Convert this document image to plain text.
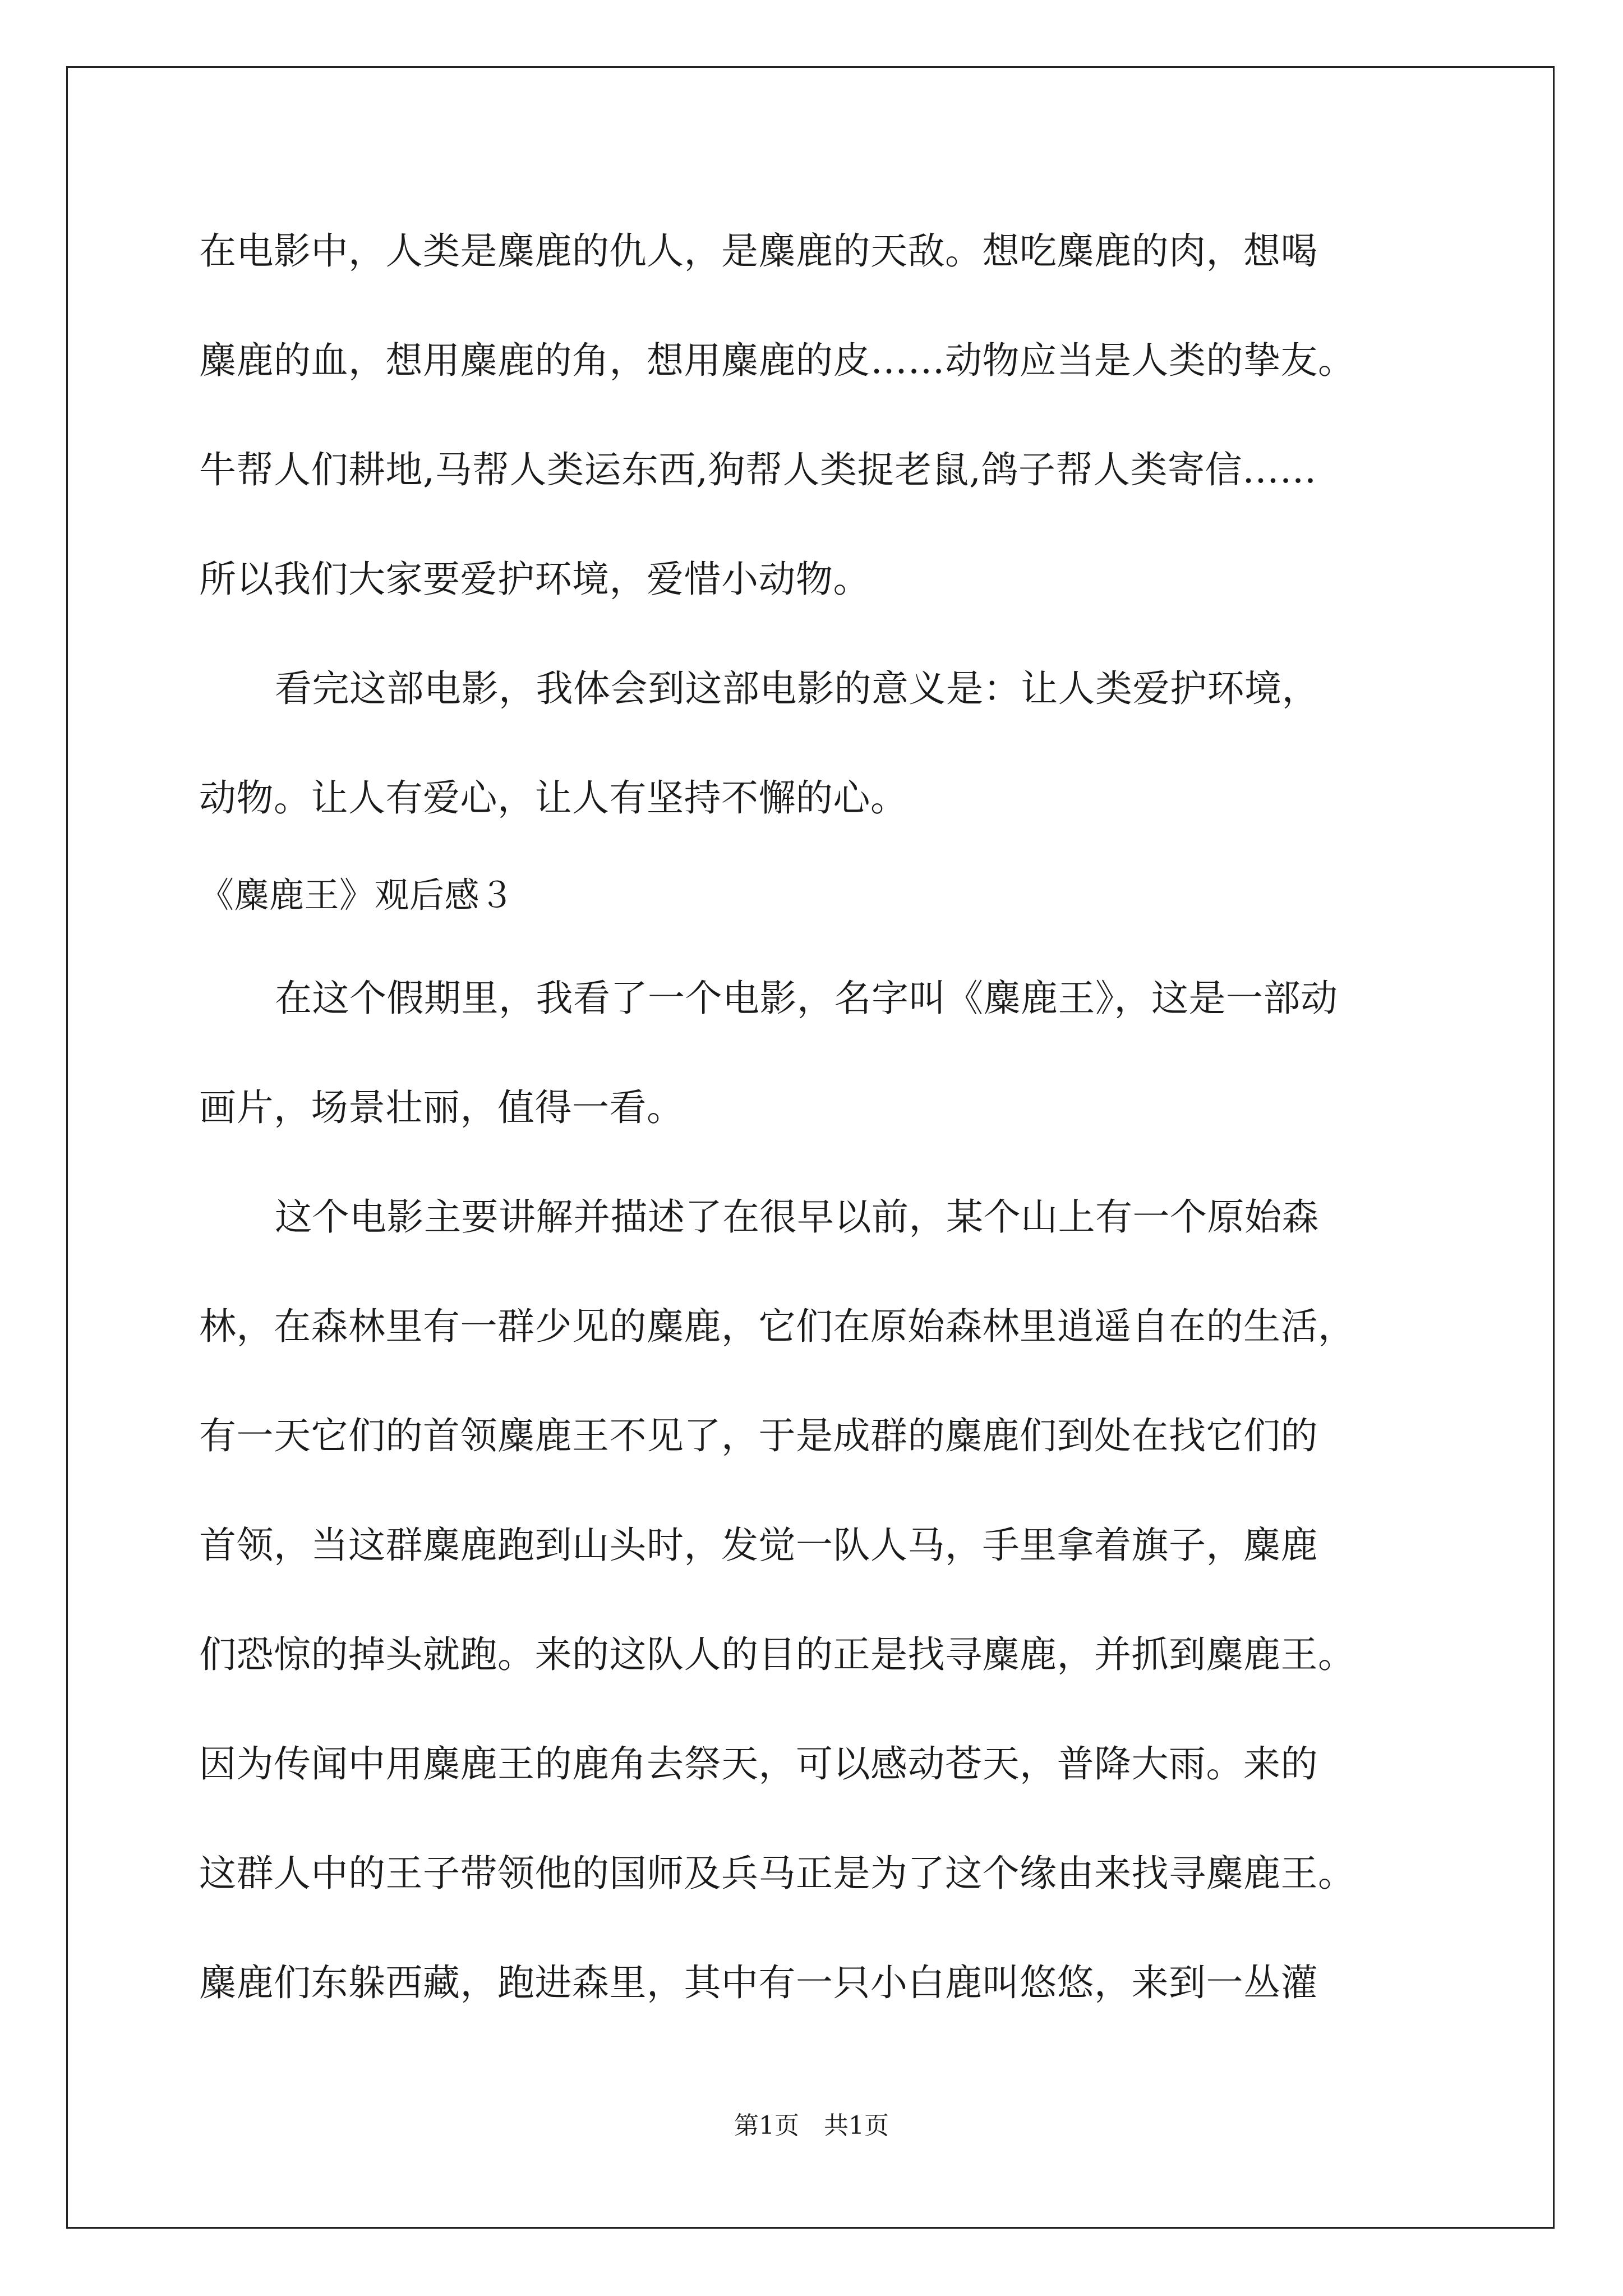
在电影中，人类是麋鹿的仇人，是麋鹿的天敌。想吃麋鹿的肉，想喝
麋鹿的血，想用麋鹿的角，想用麋鹿的皮……动物应当是人类的挚友。
牛帮人们耕地,马帮人类运东西,狗帮人类捉老鼠,鸽子帮人类寄信……
所以我们大家要爱护环境，爱惜小动物。
看完这部电影，我体会到这部电影的意义是：让人类爱护环境，
动物。让人有爱心，让人有坚持不懈的心。
《麋鹿王》观后感３
在这个假期里，我看了一个电影，名字叫《麋鹿王》，这是一部动
画片，场景壮丽，值得一看。
这个电影主要讲解并描述了在很早以前，某个山上有一个原始森
林，在森林里有一群少见的麋鹿，它们在原始森林里逍遥自在的生活，
有一天它们的首领麋鹿王不见了，于是成群的麋鹿们到处在找它们的
首领，当这群麋鹿跑到山头时，发觉一队人马，手里拿着旗子，麋鹿
们恐惊的掉头就跑。来的这队人的目的正是找寻麋鹿，并抓到麋鹿王。
因为传闻中用麋鹿王的鹿角去祭天，可以感动苍天，普降大雨。来的
这群人中的王子带领他的国师及兵马正是为了这个缘由来找寻麋鹿王。
麋鹿们东躲西藏，跑进森里，其中有一只小白鹿叫悠悠，来到一丛灌
第1页　共1页
